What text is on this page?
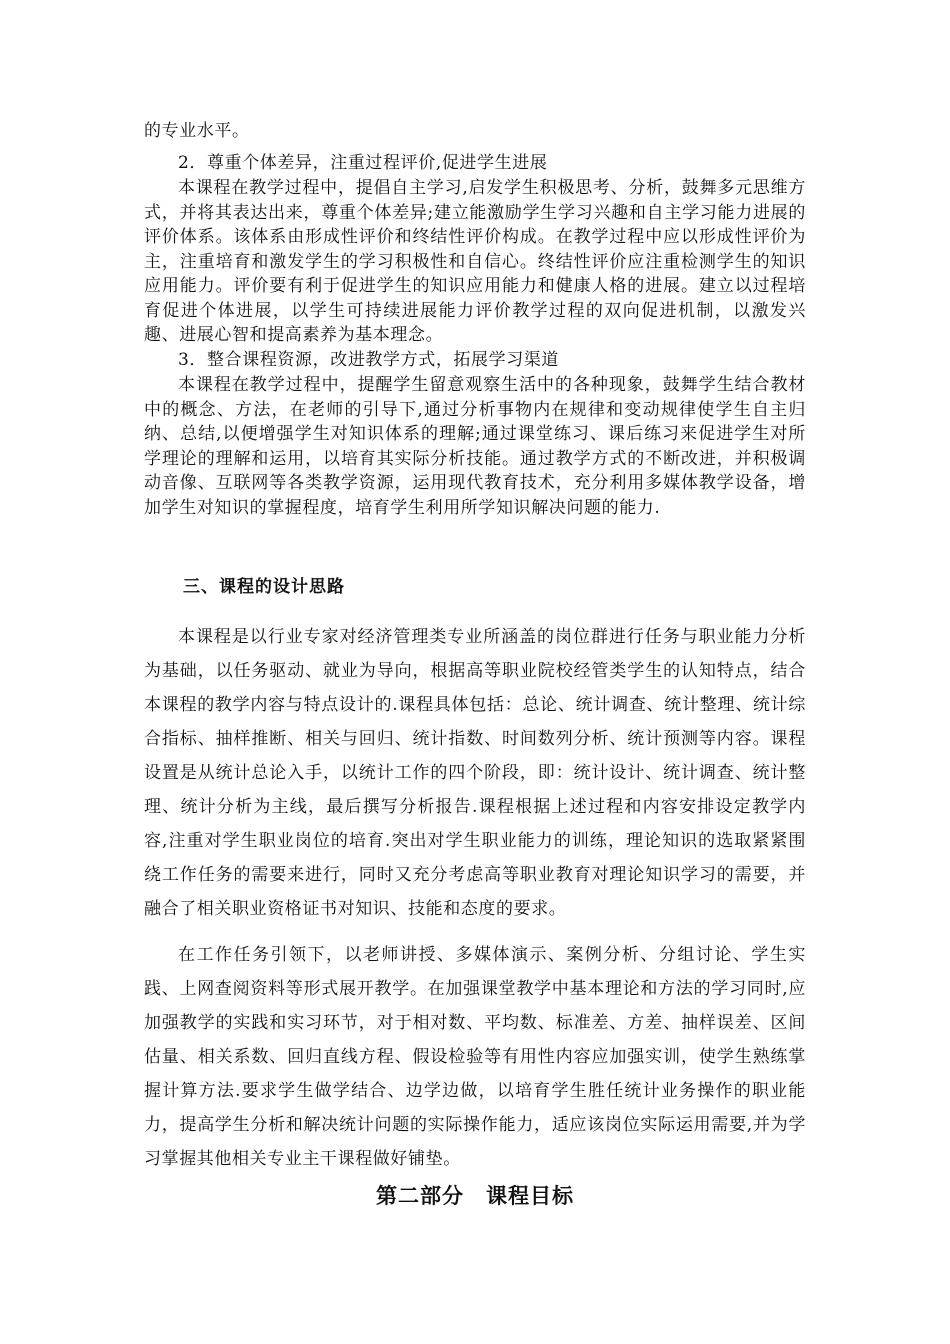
的专业水平。

2．尊重个体差异，注重过程评价,促进学生进展

本课程在教学过程中，提倡自主学习,启发学生积极思考、分析，鼓舞多元思维方式，并将其表达出来，尊重个体差异;建立能激励学生学习兴趣和自主学习能力进展的评价体系。该体系由形成性评价和终结性评价构成。在教学过程中应以形成性评价为主，注重培育和激发学生的学习积极性和自信心。终结性评价应注重检测学生的知识应用能力。评价要有利于促进学生的知识应用能力和健康人格的进展。建立以过程培育促进个体进展，以学生可持续进展能力评价教学过程的双向促进机制，以激发兴趣、进展心智和提高素养为基本理念。

3．整合课程资源，改进教学方式，拓展学习渠道

本课程在教学过程中，提醒学生留意观察生活中的各种现象，鼓舞学生结合教材中的概念、方法，在老师的引导下,通过分析事物内在规律和变动规律使学生自主归纳、总结,以便增强学生对知识体系的理解;通过课堂练习、课后练习来促进学生对所学理论的理解和运用，以培育其实际分析技能。通过教学方式的不断改进，并积极调动音像、互联网等各类教学资源，运用现代教育技术，充分利用多媒体教学设备，增加学生对知识的掌握程度，培育学生利用所学知识解决问题的能力.

三、课程的设计思路

本课程是以行业专家对经济管理类专业所涵盖的岗位群进行任务与职业能力分析为基础，以任务驱动、就业为导向，根据高等职业院校经管类学生的认知特点，结合本课程的教学内容与特点设计的.课程具体包括：总论、统计调查、统计整理、统计综合指标、抽样推断、相关与回归、统计指数、时间数列分析、统计预测等内容。课程设置是从统计总论入手，以统计工作的四个阶段，即：统计设计、统计调查、统计整理、统计分析为主线，最后撰写分析报告.课程根据上述过程和内容安排设定教学内容,注重对学生职业岗位的培育.突出对学生职业能力的训练，理论知识的选取紧紧围绕工作任务的需要来进行，同时又充分考虑高等职业教育对理论知识学习的需要，并融合了相关职业资格证书对知识、技能和态度的要求。

在工作任务引领下，以老师讲授、多媒体演示、案例分析、分组讨论、学生实践、上网查阅资料等形式展开教学。在加强课堂教学中基本理论和方法的学习同时,应加强教学的实践和实习环节，对于相对数、平均数、标准差、方差、抽样误差、区间估量、相关系数、回归直线方程、假设检验等有用性内容应加强实训，使学生熟练掌握计算方法.要求学生做学结合、边学边做，以培育学生胜任统计业务操作的职业能力，提高学生分析和解决统计问题的实际操作能力，适应该岗位实际运用需要,并为学习掌握其他相关专业主干课程做好铺垫。

第二部分　课程目标
